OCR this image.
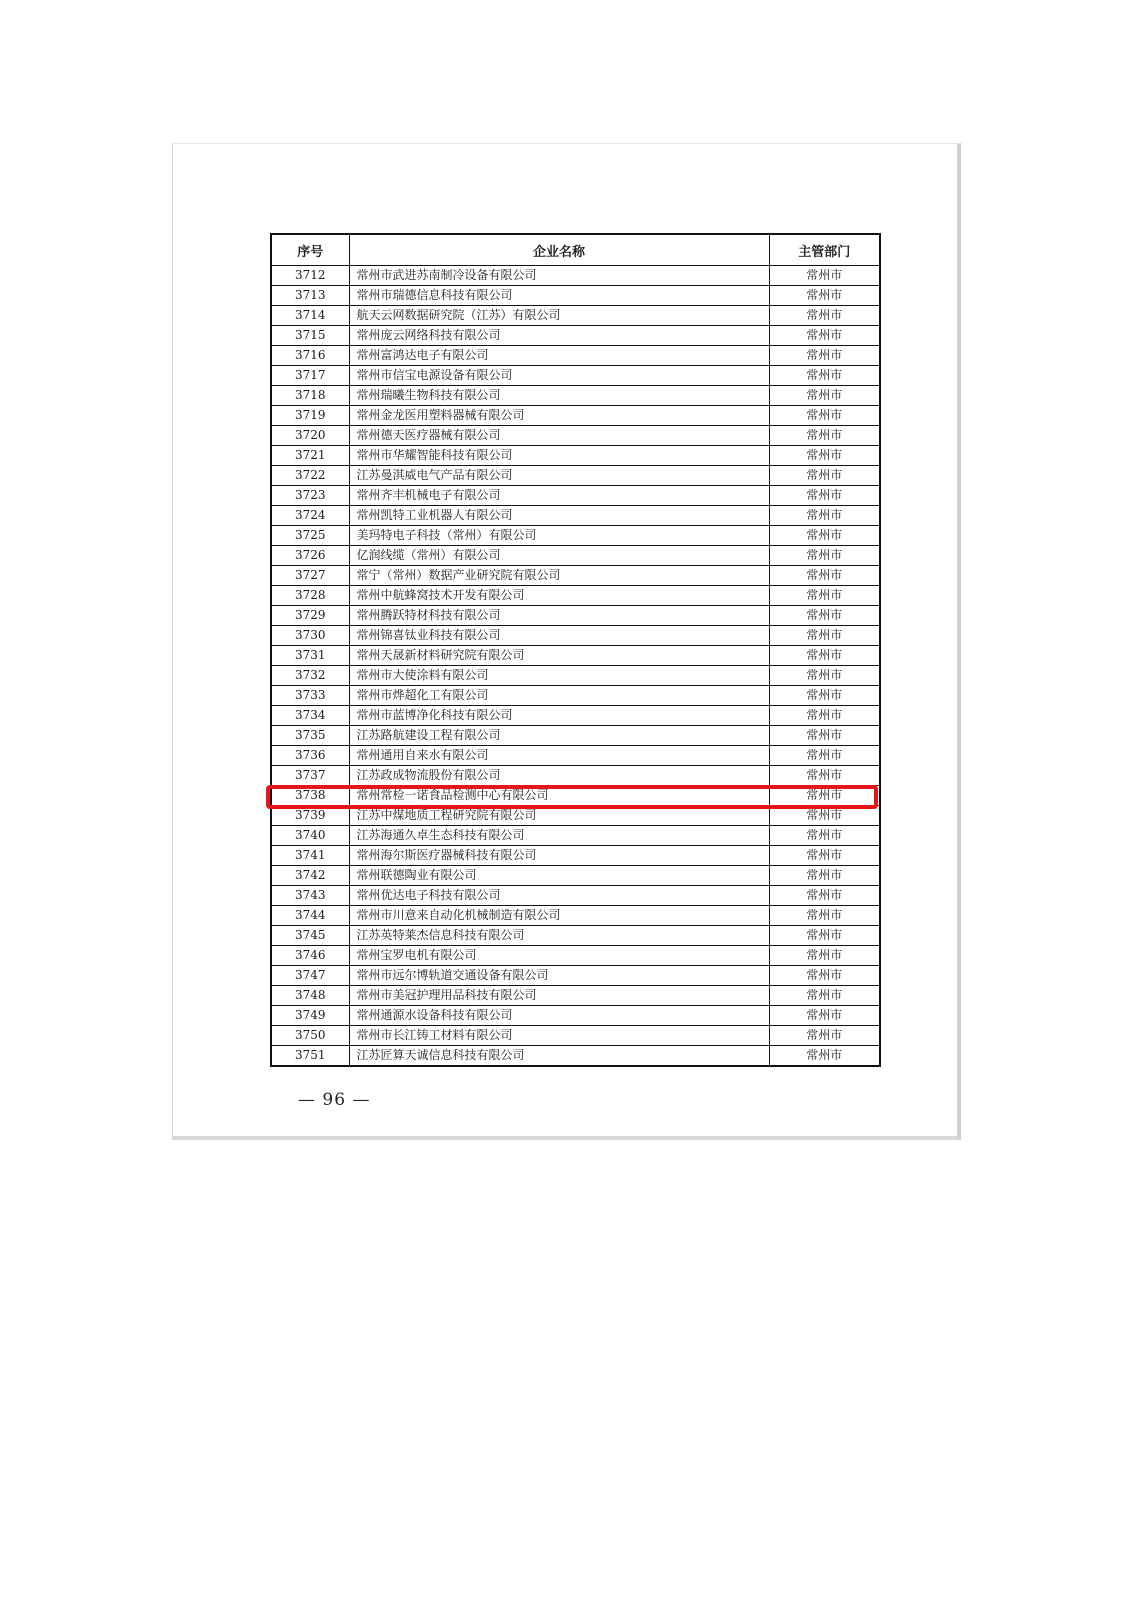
序号	企业名称	主管部门
3712	常州市武进苏南制冷设备有限公司	常州市
3713	常州市瑞德信息科技有限公司	常州市
3714	航天云网数据研究院（江苏）有限公司	常州市
3715	常州庞云网络科技有限公司	常州市
3716	常州富鸿达电子有限公司	常州市
3717	常州市信宝电源设备有限公司	常州市
3718	常州瑞曦生物科技有限公司	常州市
3719	常州金龙医用塑料器械有限公司	常州市
3720	常州德天医疗器械有限公司	常州市
3721	常州市华耀智能科技有限公司	常州市
3722	江苏曼淇威电气产品有限公司	常州市
3723	常州齐丰机械电子有限公司	常州市
3724	常州凯特工业机器人有限公司	常州市
3725	美玛特电子科技（常州）有限公司	常州市
3726	亿润线缆（常州）有限公司	常州市
3727	常宁（常州）数据产业研究院有限公司	常州市
3728	常州中航蜂窝技术开发有限公司	常州市
3729	常州腾跃特材科技有限公司	常州市
3730	常州锦喜钛业科技有限公司	常州市
3731	常州天晟新材料研究院有限公司	常州市
3732	常州市大使涂料有限公司	常州市
3733	常州市烨超化工有限公司	常州市
3734	常州市蓝博净化科技有限公司	常州市
3735	江苏路航建设工程有限公司	常州市
3736	常州通用自来水有限公司	常州市
3737	江苏政成物流股份有限公司	常州市
3738	常州常检一诺食品检测中心有限公司	常州市
3739	江苏中煤地质工程研究院有限公司	常州市
3740	江苏海通久卓生态科技有限公司	常州市
3741	常州海尔斯医疗器械科技有限公司	常州市
3742	常州联德陶业有限公司	常州市
3743	常州优达电子科技有限公司	常州市
3744	常州市川意来自动化机械制造有限公司	常州市
3745	江苏英特莱杰信息科技有限公司	常州市
3746	常州宝罗电机有限公司	常州市
3747	常州市远尔博轨道交通设备有限公司	常州市
3748	常州市美冠护理用品科技有限公司	常州市
3749	常州通源水设备科技有限公司	常州市
3750	常州市长江铸工材料有限公司	常州市
3751	江苏匠算天诚信息科技有限公司	常州市
— 96 —
